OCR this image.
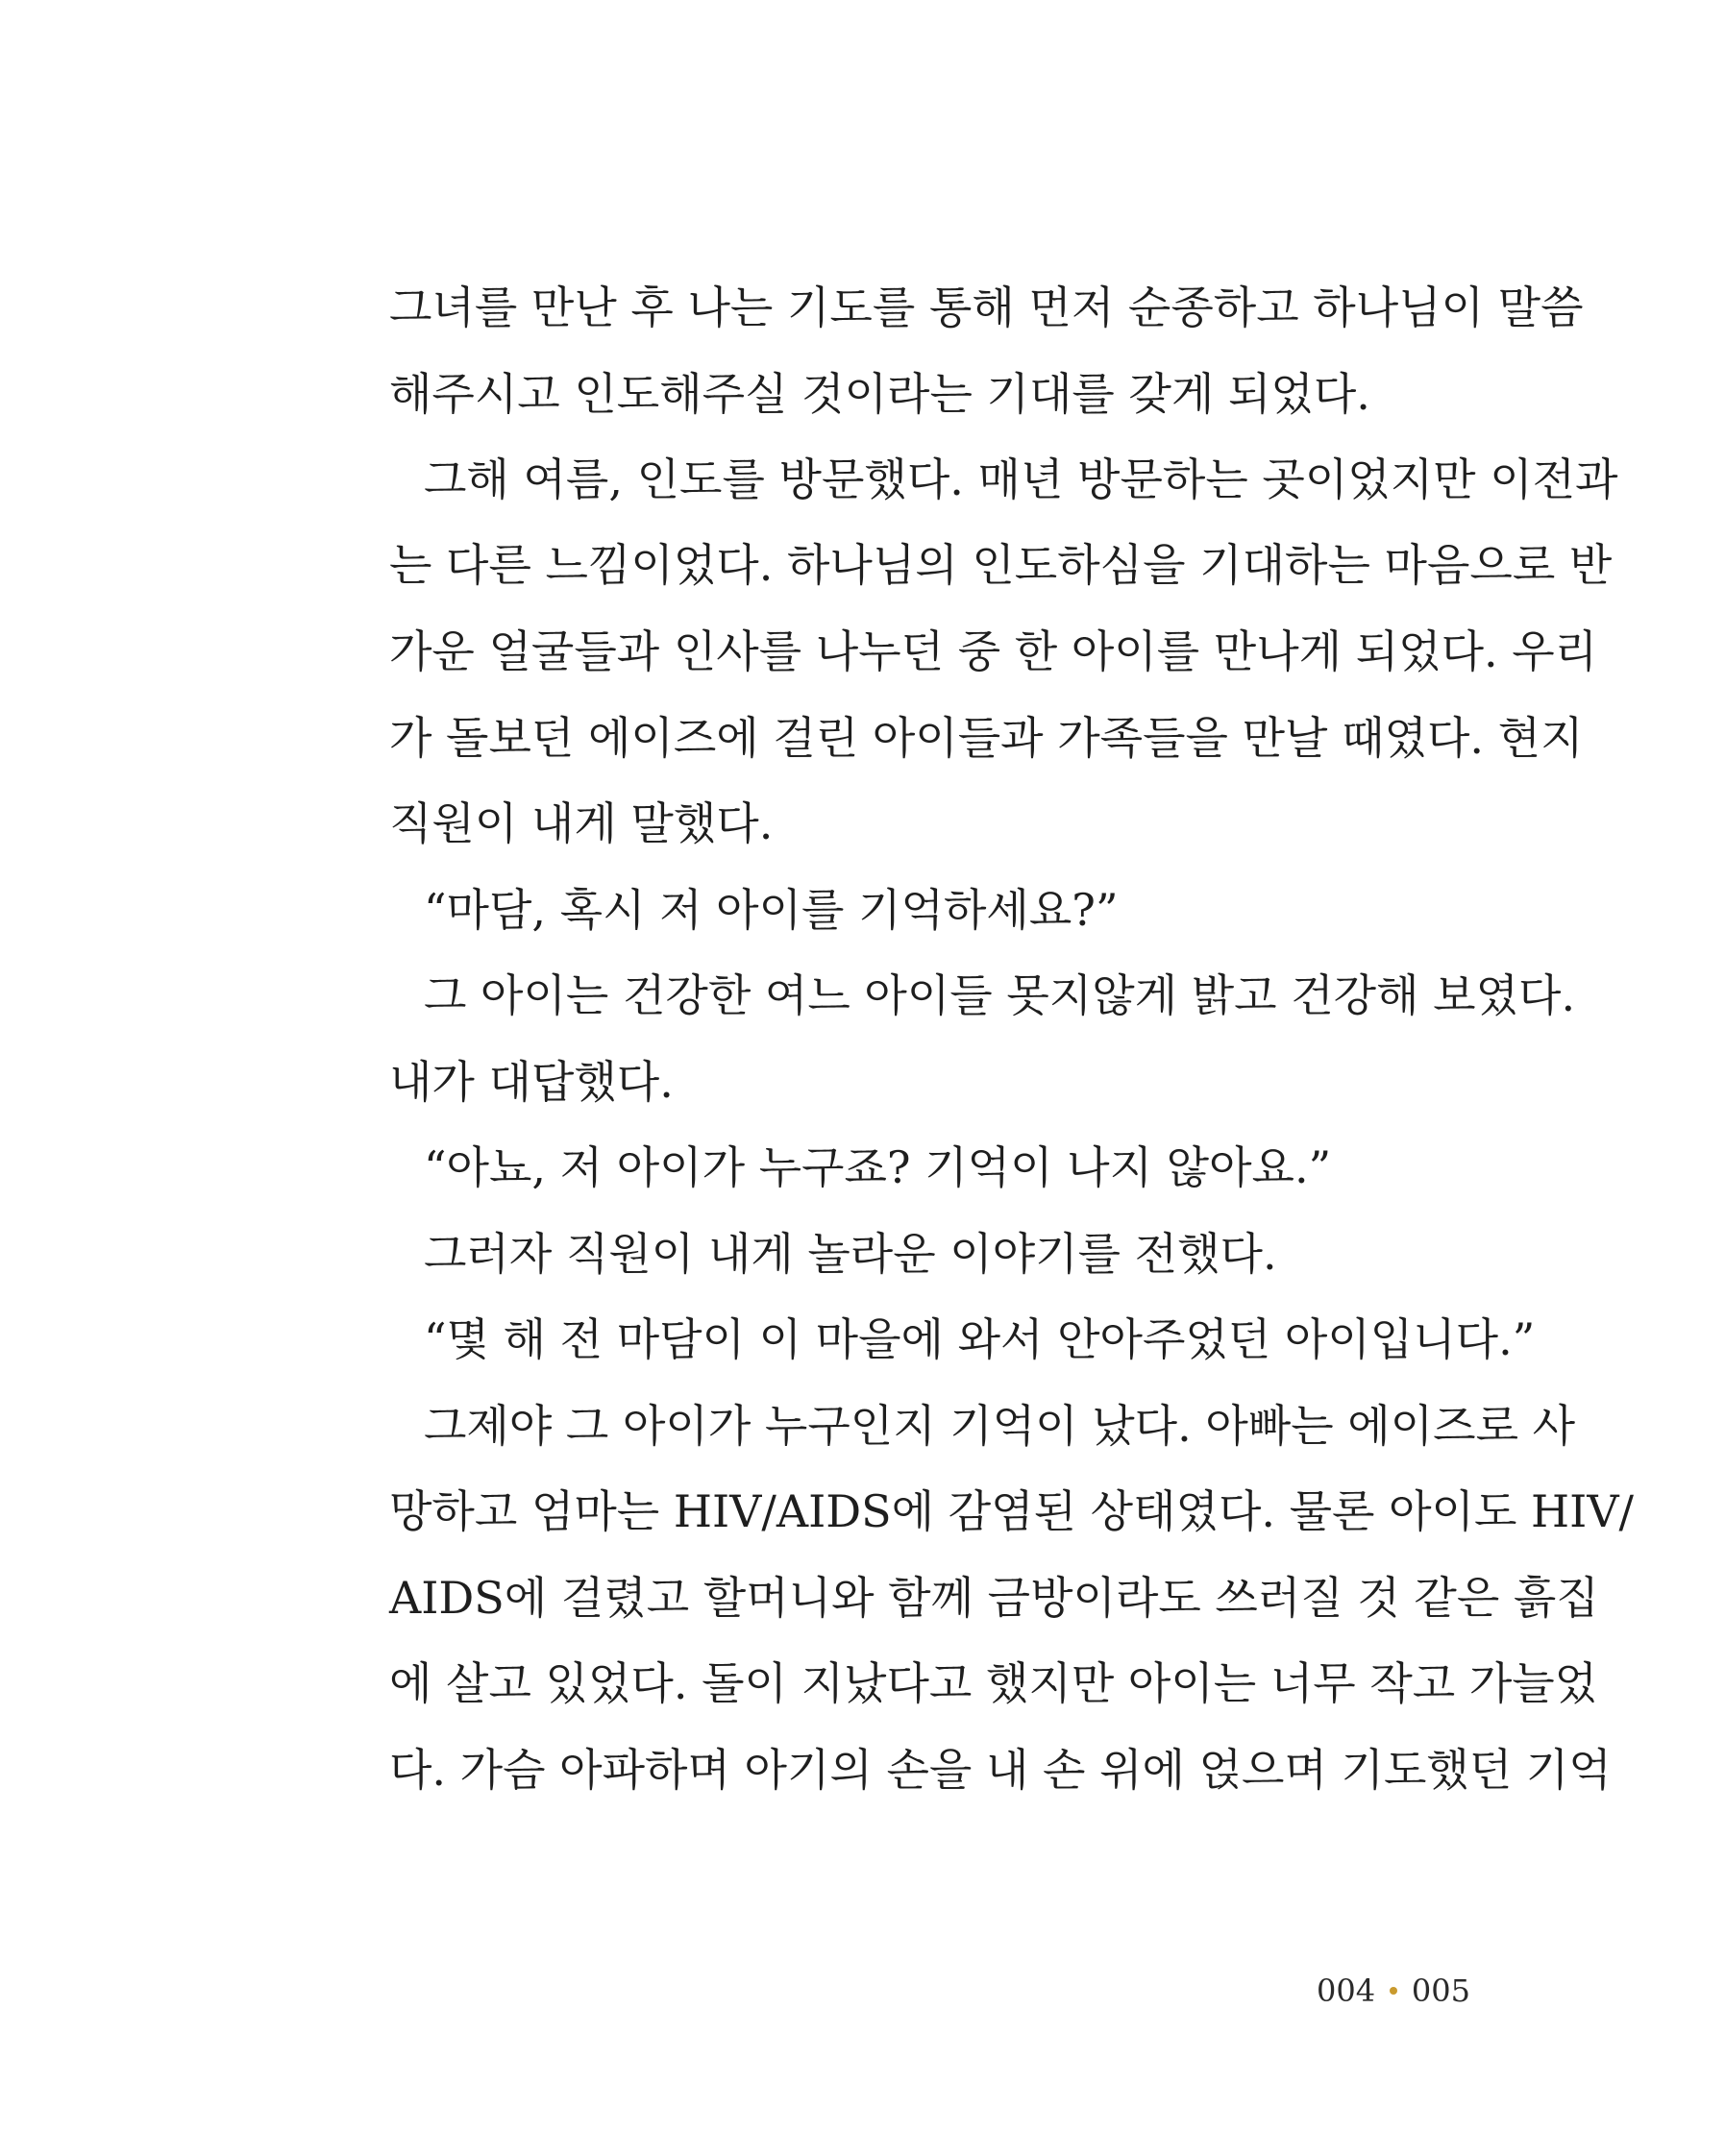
그녀를 만난 후 나는 기도를 통해 먼저 순종하고 하나님이 말씀
해주시고 인도해주실 것이라는 기대를 갖게 되었다.
그해 여름, 인도를 방문했다. 매년 방문하는 곳이었지만 이전과
는 다른 느낌이었다. 하나님의 인도하심을 기대하는 마음으로 반
가운 얼굴들과 인사를 나누던 중 한 아이를 만나게 되었다. 우리
가 돌보던 에이즈에 걸린 아이들과 가족들을 만날 때였다. 현지
직원이 내게 말했다.
“마담, 혹시 저 아이를 기억하세요?”
그 아이는 건강한 여느 아이들 못지않게 밝고 건강해 보였다.
내가 대답했다.
“아뇨, 저 아이가 누구죠? 기억이 나지 않아요.”
그러자 직원이 내게 놀라운 이야기를 전했다.
“몇 해 전 마담이 이 마을에 와서 안아주었던 아이입니다.”
그제야 그 아이가 누구인지 기억이 났다. 아빠는 에이즈로 사
망하고 엄마는 HIV/AIDS에 감염된 상태였다. 물론 아이도 HIV/
AIDS에 걸렸고 할머니와 함께 금방이라도 쓰러질 것 같은 흙집
에 살고 있었다. 돌이 지났다고 했지만 아이는 너무 작고 가늘었
다. 가슴 아파하며 아기의 손을 내 손 위에 얹으며 기도했던 기억
004 005
